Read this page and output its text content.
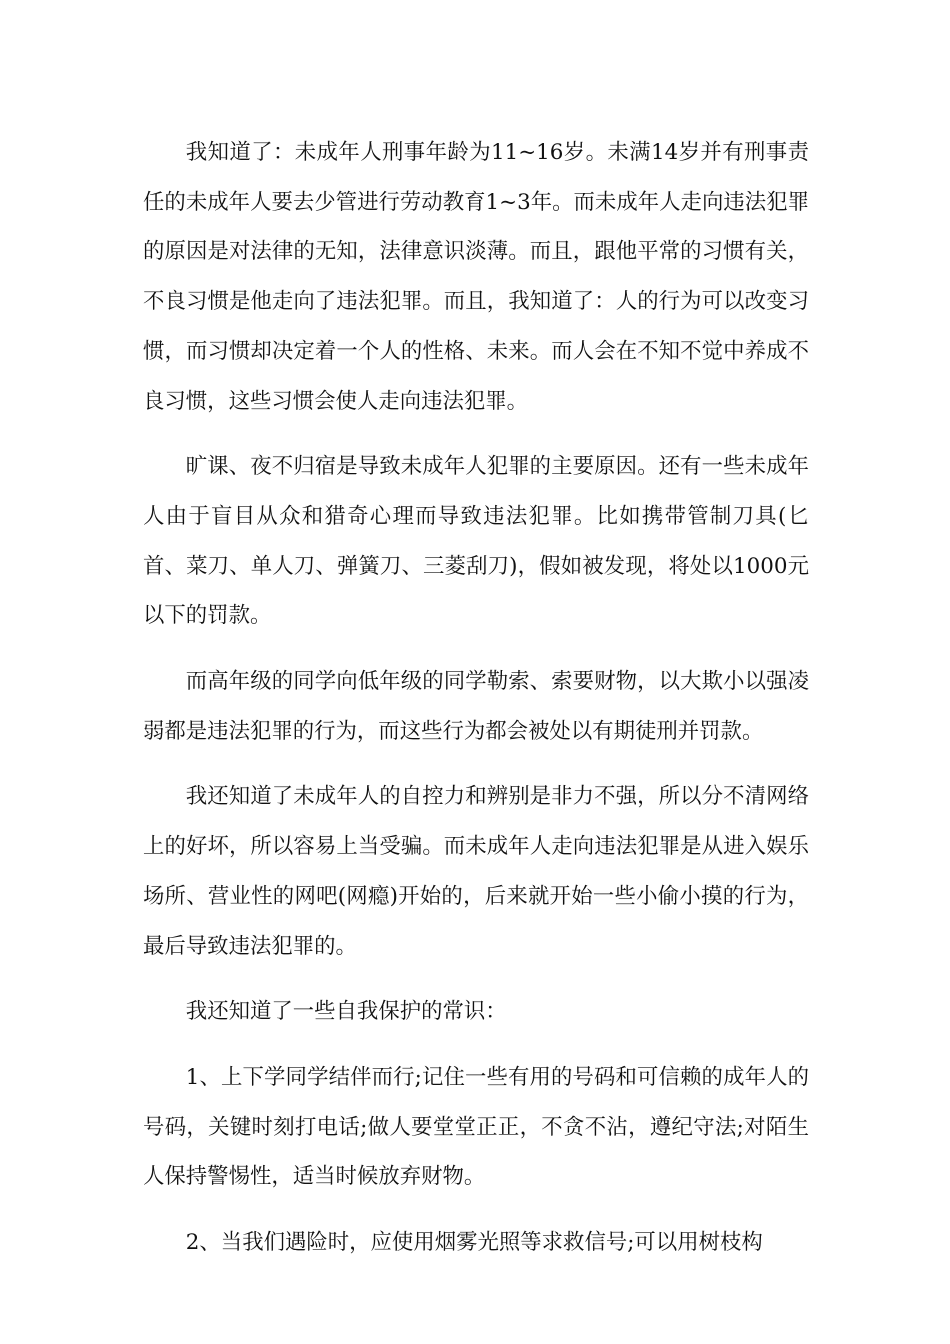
我知道了：未成年人刑事年龄为11~16岁。未满14岁并有刑事责任的未成年人要去少管进行劳动教育1~3年。而未成年人走向违法犯罪的原因是对法律的无知，法律意识淡薄。而且，跟他平常的习惯有关，不良习惯是他走向了违法犯罪。而且，我知道了：人的行为可以改变习惯，而习惯却决定着一个人的性格、未来。而人会在不知不觉中养成不良习惯，这些习惯会使人走向违法犯罪。

旷课、夜不归宿是导致未成年人犯罪的主要原因。还有一些未成年人由于盲目从众和猎奇心理而导致违法犯罪。比如携带管制刀具(匕首、菜刀、单人刀、弹簧刀、三菱刮刀)，假如被发现，将处以1000元以下的罚款。

而高年级的同学向低年级的同学勒索、索要财物，以大欺小以强凌弱都是违法犯罪的行为，而这些行为都会被处以有期徒刑并罚款。

我还知道了未成年人的自控力和辨别是非力不强，所以分不清网络上的好坏，所以容易上当受骗。而未成年人走向违法犯罪是从进入娱乐场所、营业性的网吧(网瘾)开始的，后来就开始一些小偷小摸的行为，最后导致违法犯罪的。

我还知道了一些自我保护的常识：

1、上下学同学结伴而行;记住一些有用的号码和可信赖的成年人的号码，关键时刻打电话;做人要堂堂正正，不贪不沾，遵纪守法;对陌生人保持警惕性，适当时候放弃财物。

2、当我们遇险时，应使用烟雾光照等求救信号;可以用树枝构
